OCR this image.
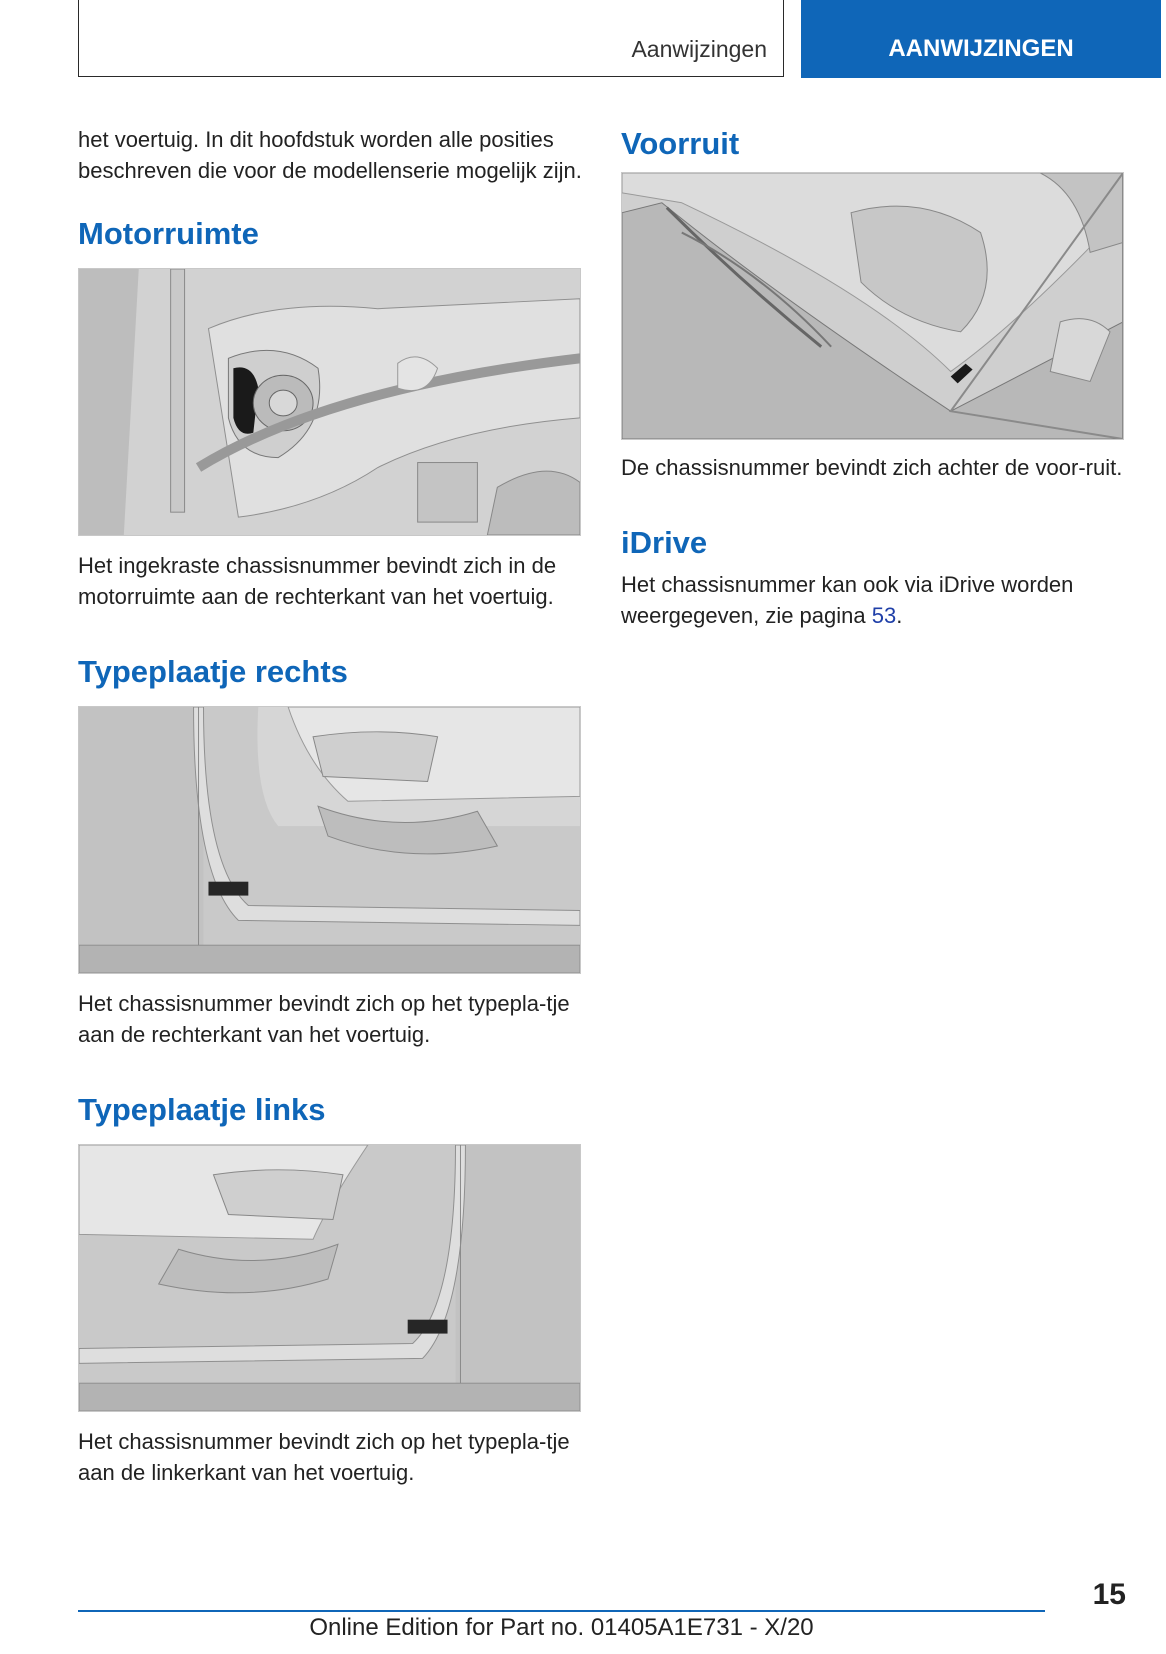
Aanwijzingen	AANWIJZINGEN

het voertuig. In dit hoofdstuk worden alle posities beschreven die voor de modellenserie mogelijk zijn.

Motorruimte

Het ingekraste chassisnummer bevindt zich in de motorruimte aan de rechterkant van het voertuig.

Typeplaatje rechts

Het chassisnummer bevindt zich op het typepla-tje aan de rechterkant van het voertuig.

Typeplaatje links

Het chassisnummer bevindt zich op het typepla-tje aan de linkerkant van het voertuig.

Voorruit

De chassisnummer bevindt zich achter de voor-ruit.

iDrive

Het chassisnummer kan ook via iDrive worden weergegeven, zie pagina 53.

15
Online Edition for Part no. 01405A1E731 - X/20
